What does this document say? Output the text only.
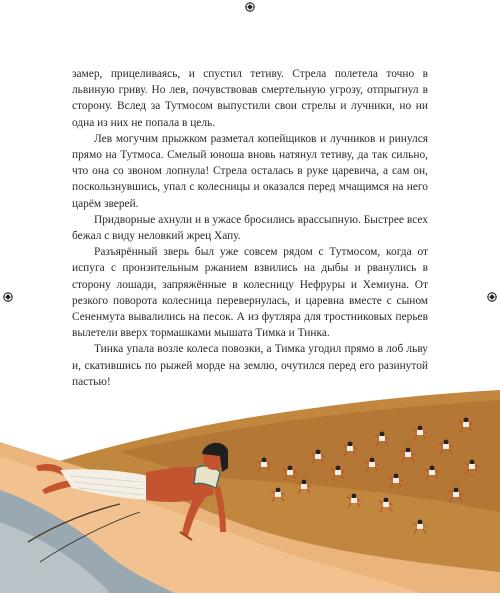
замер, прицеливаясь, и спустил тетиву. Стрела полетела точно в львиную гриву. Но лев, почувствовав смертельную угрозу, отпрыгнул в сторону. Вслед за Тутмосом выпустили свои стрелы и лучники, но ни одна из них не попала в цель.

Лев могучим прыжком разметал копейщиков и лучников и ринулся прямо на Тутмоса. Смелый юноша вновь натянул тетиву, да так сильно, что она со звоном лопнула! Стрела осталась в руке царевича, а сам он, поскользнувшись, упал с колесницы и оказался перед мчащимся на него царём зверей.

Придворные ахнули и в ужасе бросились врассыпную. Быстрее всех бежал с виду неловкий жрец Хапу.

Разъярённый зверь был уже совсем рядом с Тутмосом, когда от испуга с пронзительным ржанием взвились на дыбы и рванулись в сторону лошади, запряжённые в колесницу Нефруры и Хемиуна. От резкого поворота колесница перевернулась, и царевна вместе с сыном Сененмута вывалились на песок. А из футляра для тростниковых перьев вылетели вверх тормашками мышата Тимка и Тинка.

Тинка упала возле колеса повозки, а Тимка угодил прямо в лоб льву и, скатившись по рыжей морде на землю, очутился перед его разинутой пастью!
